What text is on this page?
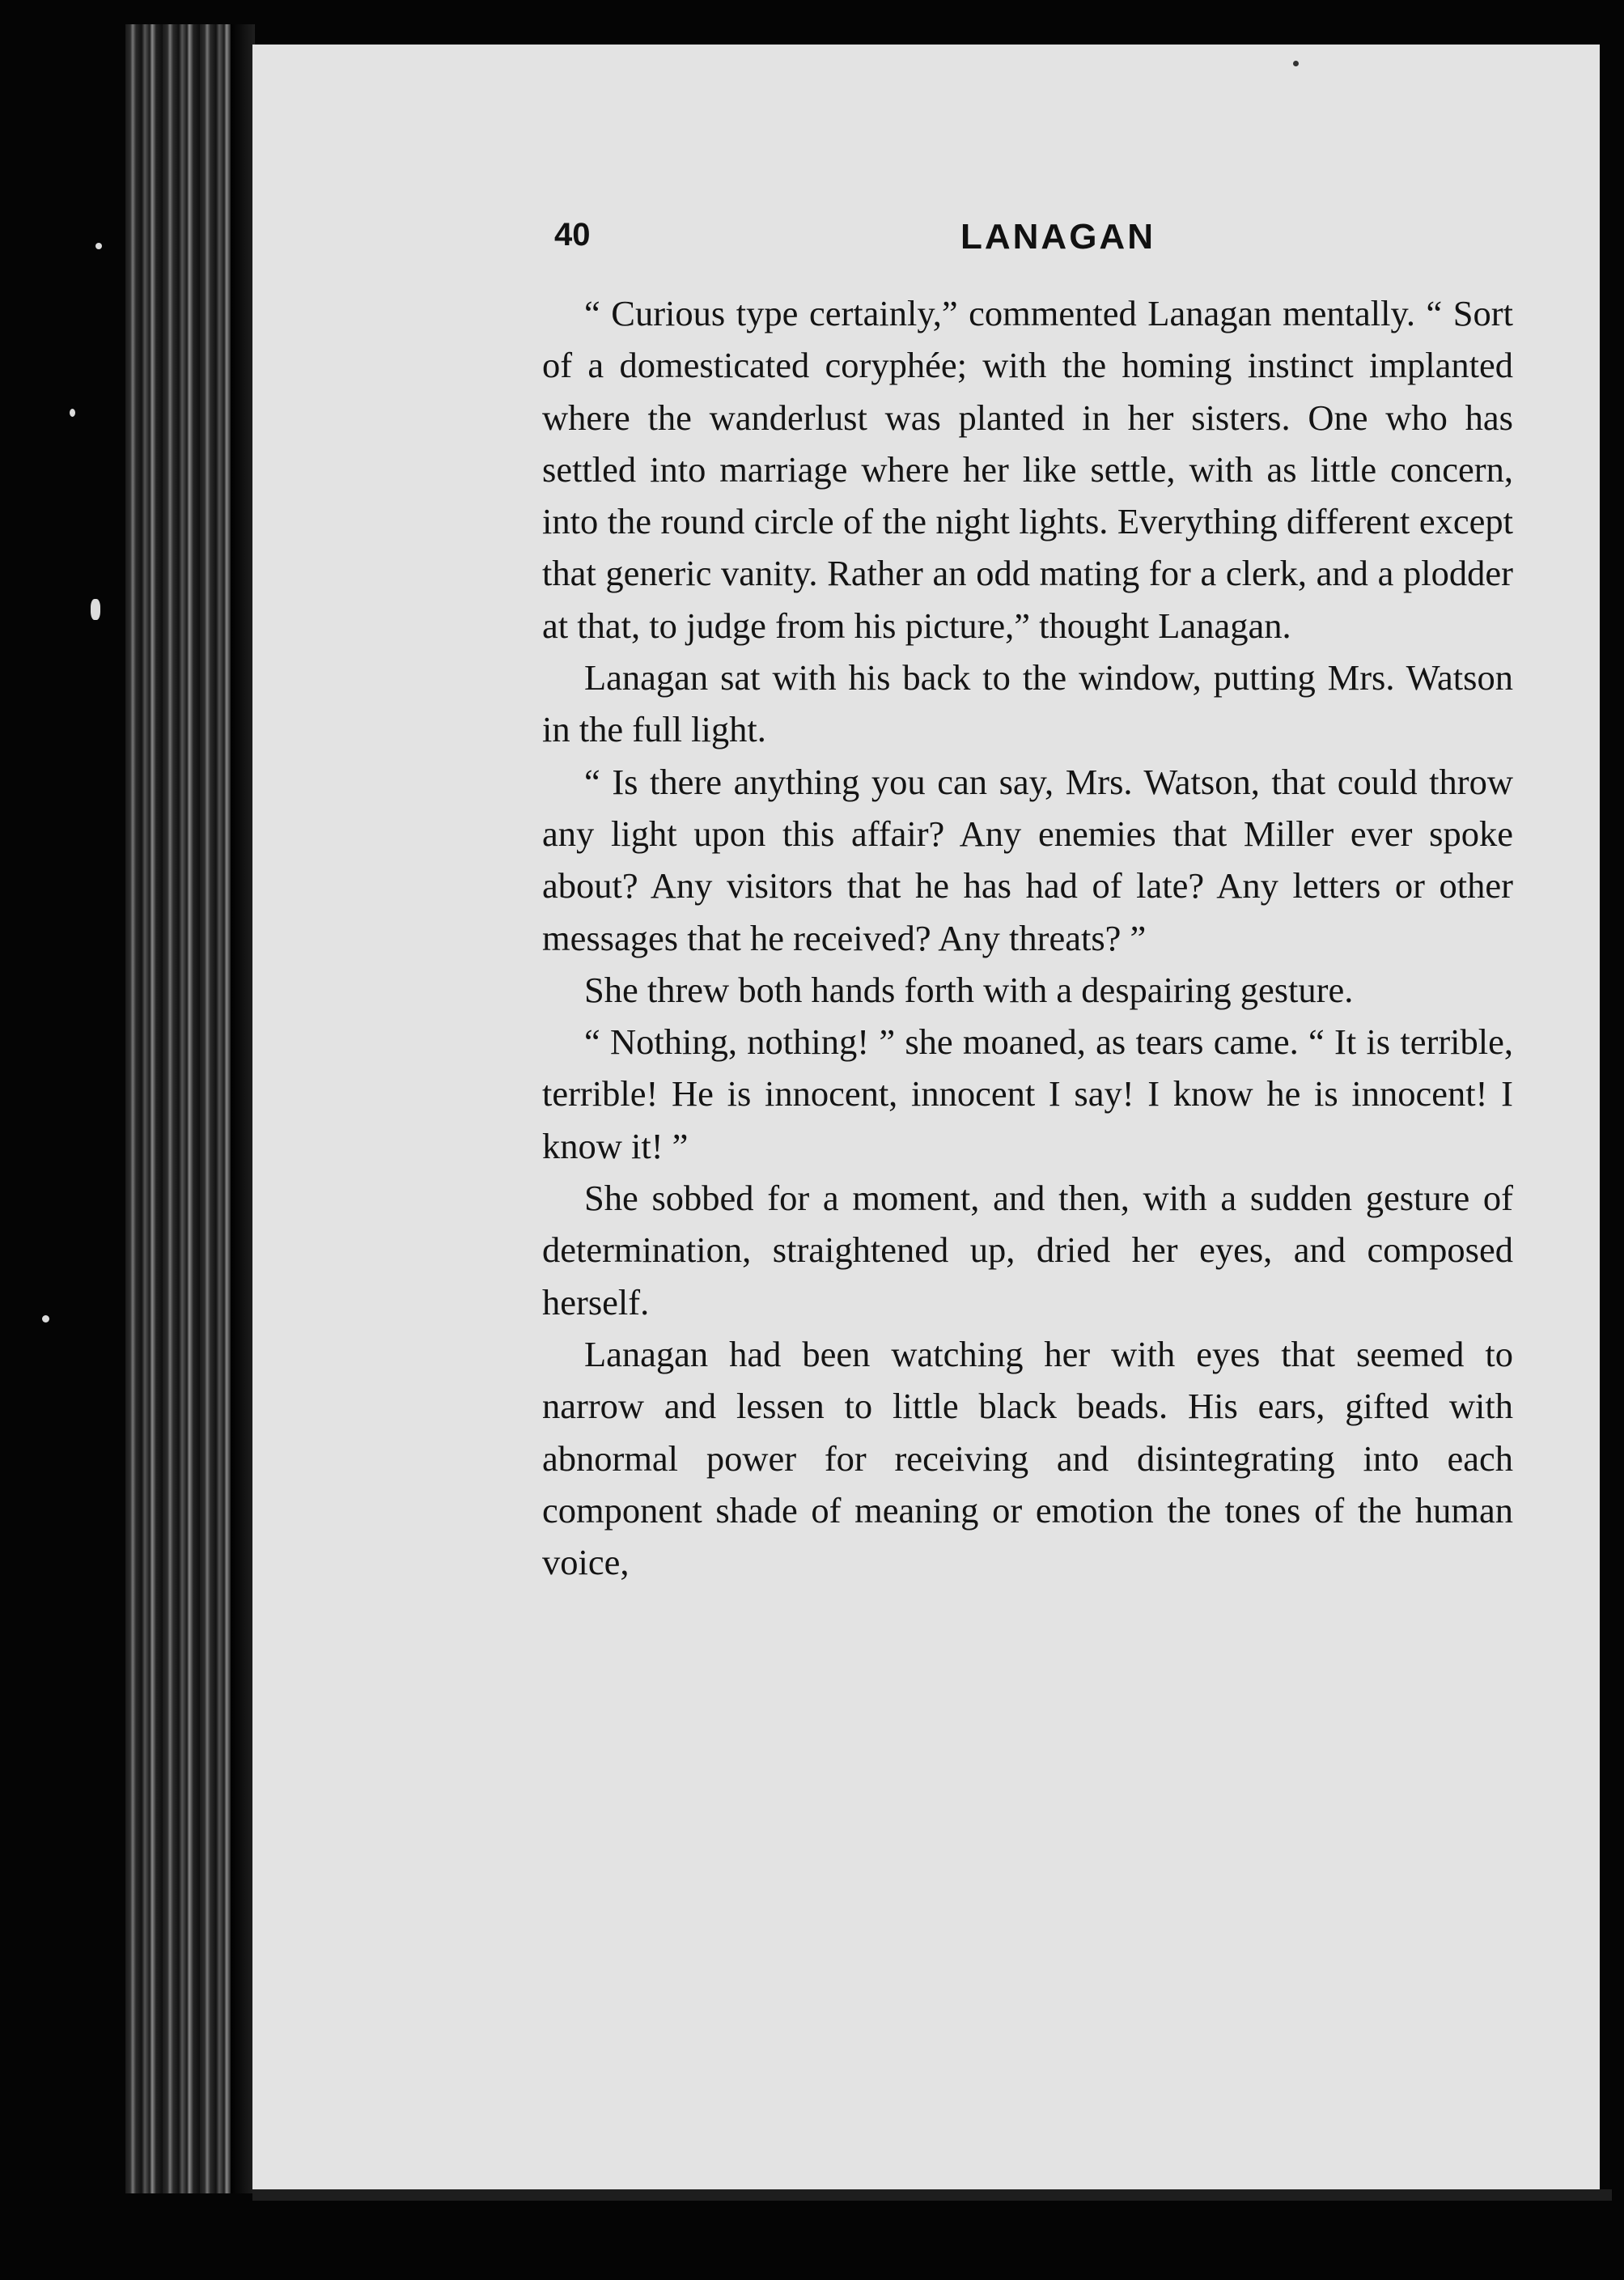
40	LANAGAN

“ Curious type certainly,” commented Lanagan mentally. “ Sort of a domesticated coryphée; with the homing instinct implanted where the wanderlust was planted in her sisters. One who has settled into marriage where her like settle, with as little concern, into the round circle of the night lights. Everything different except that generic vanity. Rather an odd mating for a clerk, and a plodder at that, to judge from his picture,” thought Lanagan.

Lanagan sat with his back to the window, putting Mrs. Watson in the full light.

“ Is there anything you can say, Mrs. Watson, that could throw any light upon this affair? Any enemies that Miller ever spoke about? Any visitors that he has had of late? Any letters or other messages that he received? Any threats? ”

She threw both hands forth with a despairing gesture.

“ Nothing, nothing! ” she moaned, as tears came. “ It is terrible, terrible! He is innocent, innocent I say! I know he is innocent! I know it! ”

She sobbed for a moment, and then, with a sudden gesture of determination, straightened up, dried her eyes, and composed herself.

Lanagan had been watching her with eyes that seemed to narrow and lessen to little black beads. His ears, gifted with abnormal power for receiving and disintegrating into each component shade of meaning or emotion the tones of the human voice,
